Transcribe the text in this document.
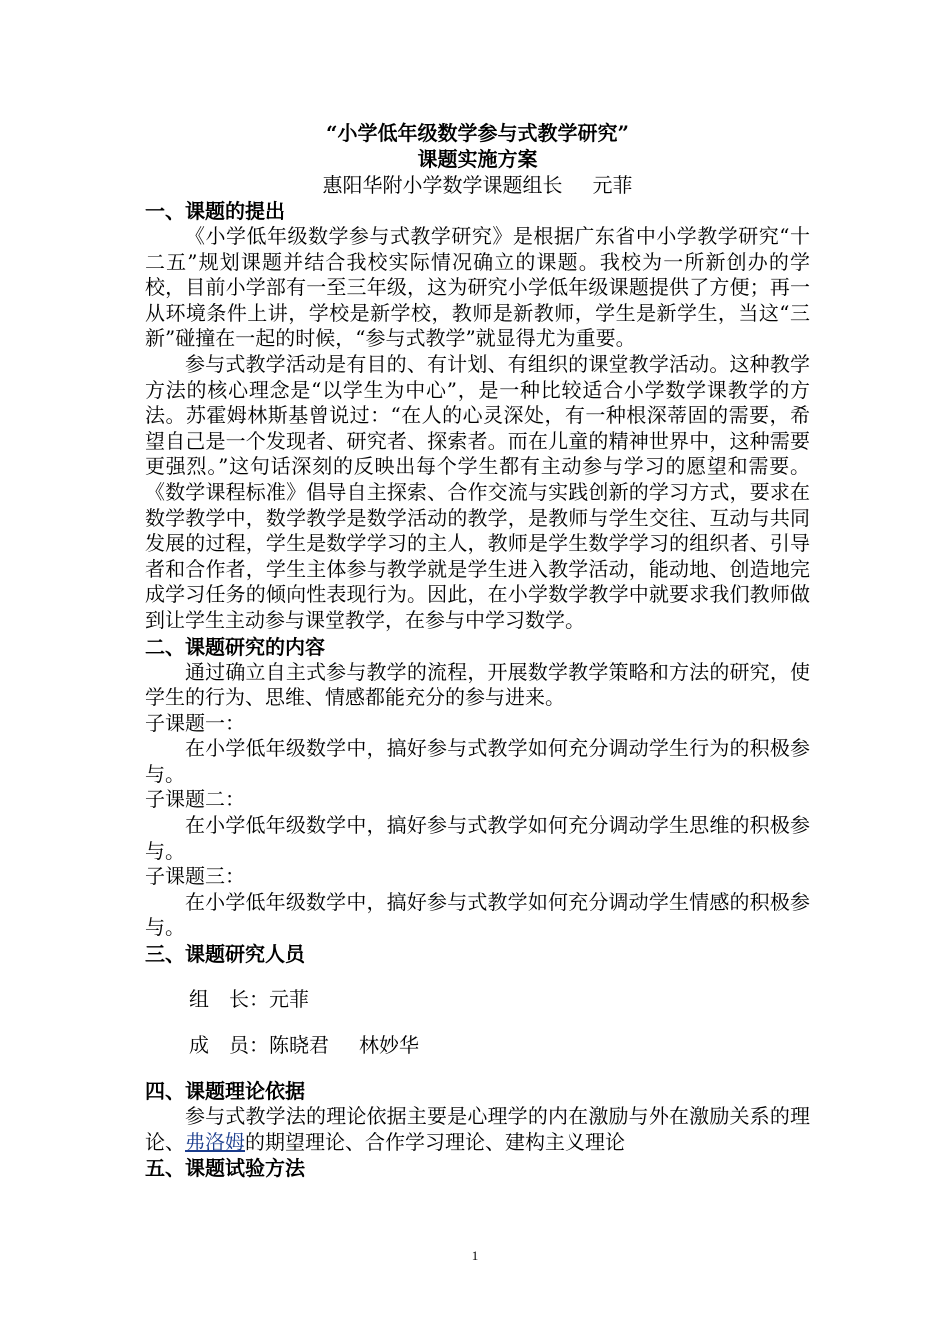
“小学低年级数学参与式教学研究”
课题实施方案
惠阳华附小学数学课题组长 元菲
一、课题的提出

《小学低年级数学参与式教学研究》是根据广东省中小学教学研究“十二五”规划课题并结合我校实际情况确立的课题。我校为一所新创办的学校，目前小学部有一至三年级，这为研究小学低年级课题提供了方便；再一从环境条件上讲，学校是新学校，教师是新教师，学生是新学生，当这“三新”碰撞在一起的时候，“参与式教学”就显得尤为重要。

参与式教学活动是有目的、有计划、有组织的课堂教学活动。这种教学方法的核心理念是“以学生为中心”，是一种比较适合小学数学课教学的方法。苏霍姆林斯基曾说过：“在人的心灵深处，有一种根深蒂固的需要，希望自己是一个发现者、研究者、探索者。而在儿童的精神世界中，这种需要更强烈。”这句话深刻的反映出每个学生都有主动参与学习的愿望和需要。《数学课程标准》倡导自主探索、合作交流与实践创新的学习方式，要求在数学教学中，数学教学是数学活动的教学，是教师与学生交往、互动与共同发展的过程，学生是数学学习的主人，教师是学生数学学习的组织者、引导者和合作者，学生主体参与教学就是学生进入教学活动，能动地、创造地完成学习任务的倾向性表现行为。因此，在小学数学教学中就要求我们教师做到让学生主动参与课堂教学，在参与中学习数学。

二、课题研究的内容

通过确立自主式参与教学的流程，开展数学教学策略和方法的研究，使学生的行为、思维、情感都能充分的参与进来。

子课题一：

在小学低年级数学中，搞好参与式教学如何充分调动学生行为的积极参与。

子课题二：

在小学低年级数学中，搞好参与式教学如何充分调动学生思维的积极参与。

子课题三：

在小学低年级数学中，搞好参与式教学如何充分调动学生情感的积极参与。

三、课题研究人员

组　长：元菲

成　员：陈晓君 林妙华

四、课题理论依据

参与式教学法的理论依据主要是心理学的内在激励与外在激励关系的理论、弗洛姆的期望理论、合作学习理论、建构主义理论

五、课题试验方法
1
